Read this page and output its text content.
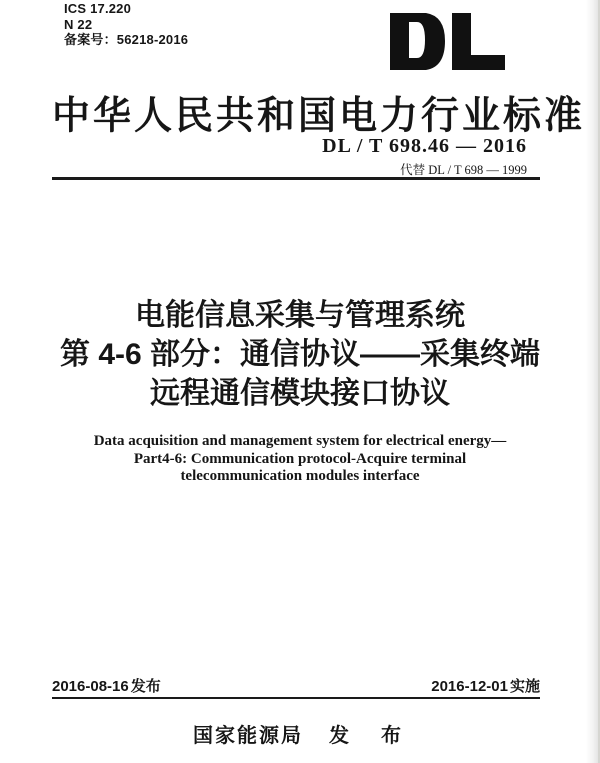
ICS 17.220
N 22
备案号：56218-2016
中华人民共和国电力行业标准
DL / T 698.46 — 2016
代替 DL / T 698 — 1999
电能信息采集与管理系统
第 4-6 部分：通信协议——采集终端
远程通信模块接口协议
Data acquisition and management system for electrical energy—
Part4-6: Communication protocol-Acquire terminal
telecommunication modules interface
2016-08-16 发布	2016-12-01 实施
国家能源局 发　布
